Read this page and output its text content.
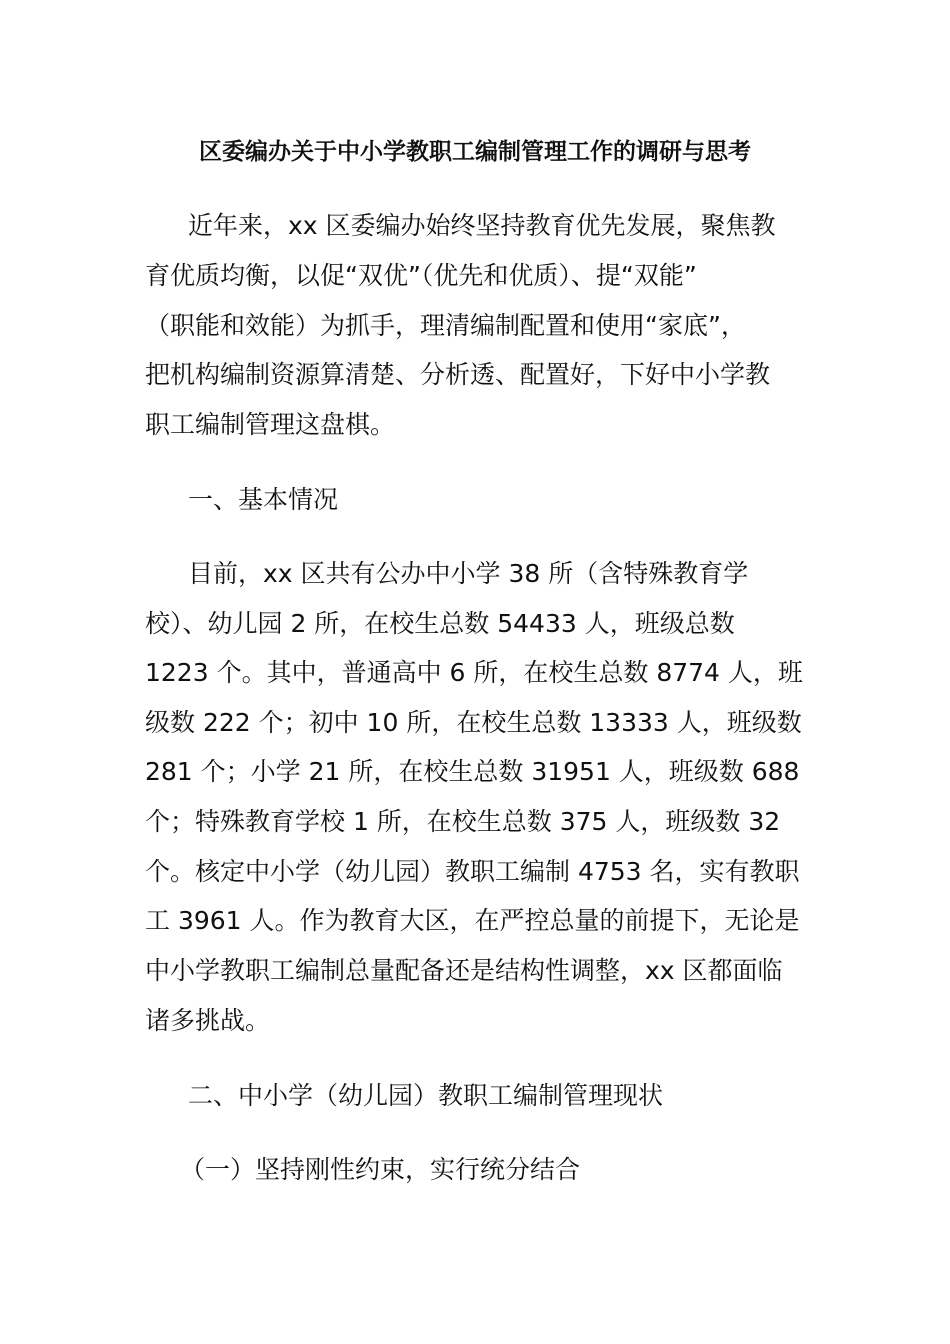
区委编办关于中小学教职工编制管理工作的调研与思考
近年来，xx 区委编办始终坚持教育优先发展，聚焦教
育优质均衡，以促“双优”（优先和优质）、提“双能”
（职能和效能）为抓手，理清编制配置和使用“家底”，
把机构编制资源算清楚、分析透、配置好，下好中小学教
职工编制管理这盘棋。
一、基本情况
目前，xx 区共有公办中小学 38 所（含特殊教育学
校）、幼儿园 2 所，在校生总数 54433 人，班级总数
1223 个。其中，普通高中 6 所，在校生总数 8774 人，班
级数 222 个；初中 10 所，在校生总数 13333 人，班级数
281 个；小学 21 所，在校生总数 31951 人，班级数 688
个；特殊教育学校 1 所，在校生总数 375 人，班级数 32
个。核定中小学（幼儿园）教职工编制 4753 名，实有教职
工 3961 人。作为教育大区，在严控总量的前提下，无论是
中小学教职工编制总量配备还是结构性调整，xx 区都面临
诸多挑战。
二、中小学（幼儿园）教职工编制管理现状
（一）坚持刚性约束，实行统分结合
